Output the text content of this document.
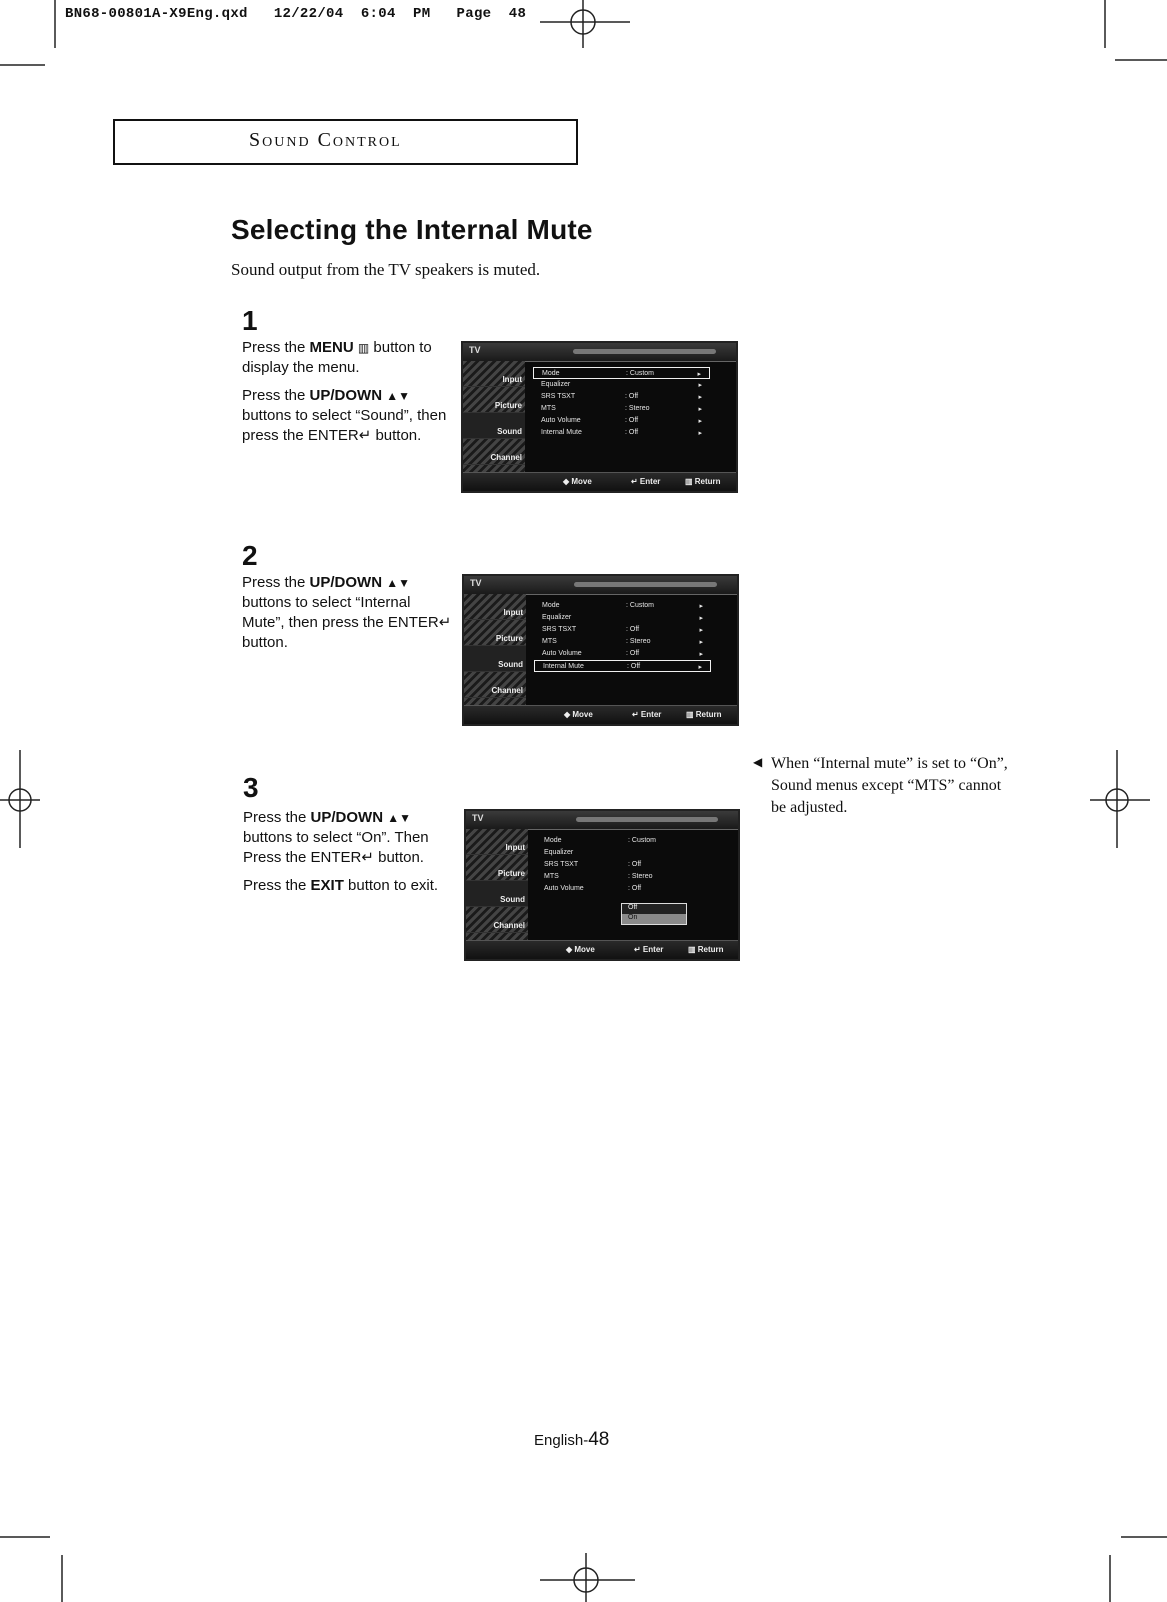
BN68-00801A-X9Eng.qxd   12/22/04  6:04  PM   Page  48
Sound Control
Selecting the Internal Mute
Sound output from the TV speakers is muted.
1

Press the MENU ▥ button to display the menu.

Press the UP/DOWN ▲▼ buttons to select “Sound”, then press the ENTER↵ button.

TV
Input
Picture
Sound
Channel
Mode	: Custom	▸
Equalizer	▸
SRS TSXT	: Off	▸
MTS	: Stereo	▸
Auto Volume	: Off	▸
Internal Mute	: Off	▸
◆ Move	↵ Enter	▥ Return
2

Press the UP/DOWN ▲▼ buttons to select “Internal Mute”, then press the ENTER↵ button.

TV
Input
Picture
Sound
Channel
Mode	: Custom	▸
Equalizer	▸
SRS TSXT	: Off	▸
MTS	: Stereo	▸
Auto Volume	: Off	▸
Internal Mute	: Off	▸
◆ Move	↵ Enter	▥ Return
3

Press the UP/DOWN ▲▼ buttons to select “On”. Then Press the ENTER↵ button.

Press the EXIT button to exit.

TV
Input
Picture
Sound
Channel
Mode	: Custom
Equalizer
SRS TSXT	: Off
MTS	: Stereo
Auto Volume	: Off
Off
On
◆ Move	↵ Enter	▥ Return
◀ When “Internal mute” is set to “On”, Sound menus except “MTS” cannot be adjusted.
English-48
